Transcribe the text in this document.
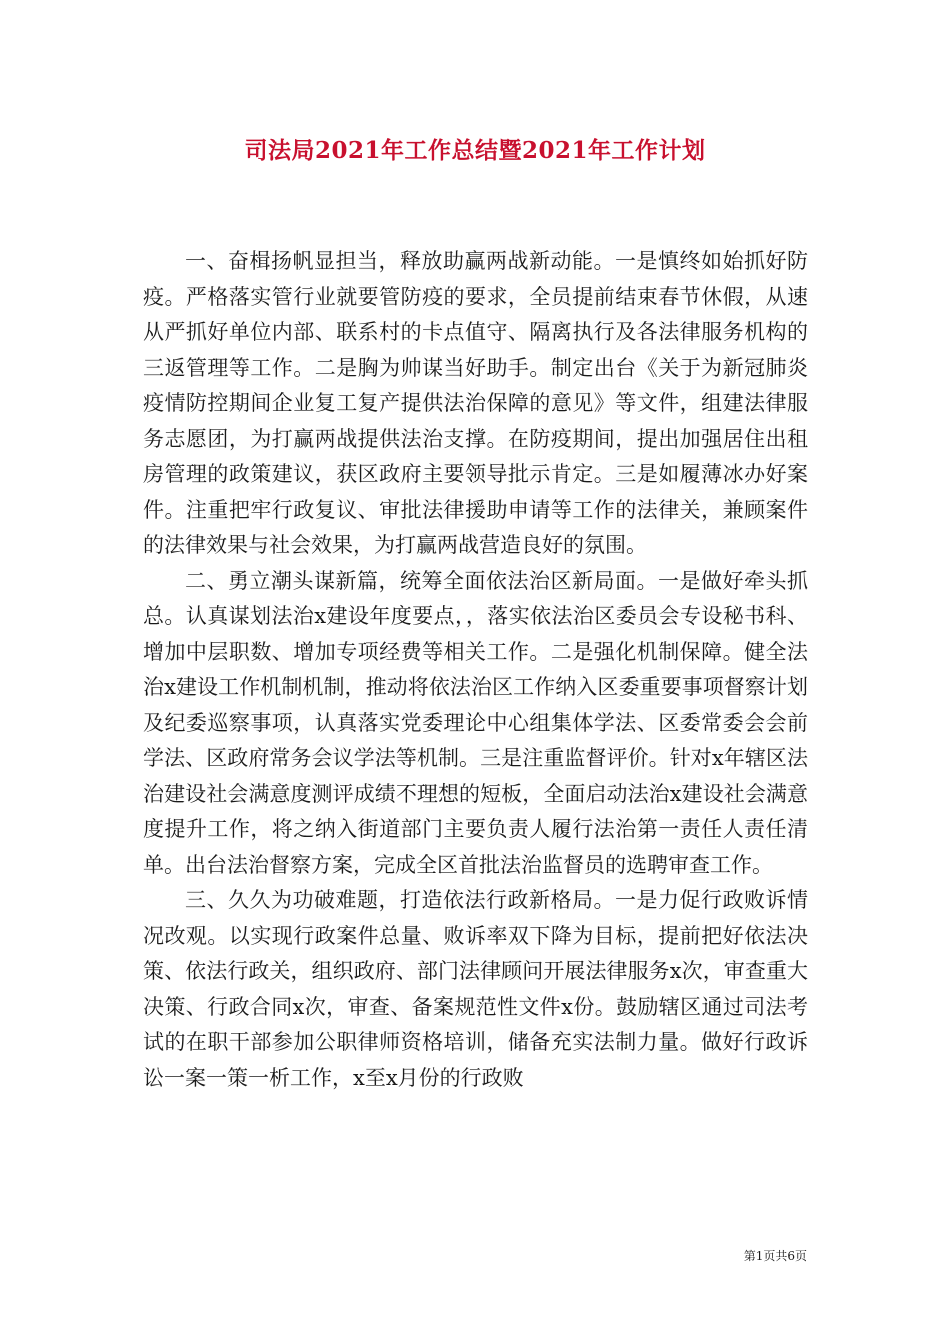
司法局2021年工作总结暨2021年工作计划

一、奋楫扬帆显担当，释放助赢两战新动能。一是慎终如始抓好防疫。严格落实管行业就要管防疫的要求，全员提前结束春节休假，从速从严抓好单位内部、联系村的卡点值守、隔离执行及各法律服务机构的三返管理等工作。二是胸为帅谋当好助手。制定出台《关于为新冠肺炎疫情防控期间企业复工复产提供法治保障的意见》等文件，组建法律服务志愿团，为打赢两战提供法治支撑。在防疫期间，提出加强居住出租房管理的政策建议，获区政府主要领导批示肯定。三是如履薄冰办好案件。注重把牢行政复议、审批法律援助申请等工作的法律关，兼顾案件的法律效果与社会效果，为打赢两战营造良好的氛围。

二、勇立潮头谋新篇，统筹全面依法治区新局面。一是做好牵头抓总。认真谋划法治x建设年度要点，，落实依法治区委员会专设秘书科、增加中层职数、增加专项经费等相关工作。二是强化机制保障。健全法治x建设工作机制机制，推动将依法治区工作纳入区委重要事项督察计划及纪委巡察事项，认真落实党委理论中心组集体学法、区委常委会会前学法、区政府常务会议学法等机制。三是注重监督评价。针对x年辖区法治建设社会满意度测评成绩不理想的短板，全面启动法治x建设社会满意度提升工作，将之纳入街道部门主要负责人履行法治第一责任人责任清单。出台法治督察方案，完成全区首批法治监督员的选聘审查工作。

三、久久为功破难题，打造依法行政新格局。一是力促行政败诉情况改观。以实现行政案件总量、败诉率双下降为目标，提前把好依法决策、依法行政关，组织政府、部门法律顾问开展法律服务x次，审查重大决策、行政合同x次，审查、备案规范性文件x份。鼓励辖区通过司法考试的在职干部参加公职律师资格培训，储备充实法制力量。做好行政诉讼一案一策一析工作，x至x月份的行政败

第1页共6页
